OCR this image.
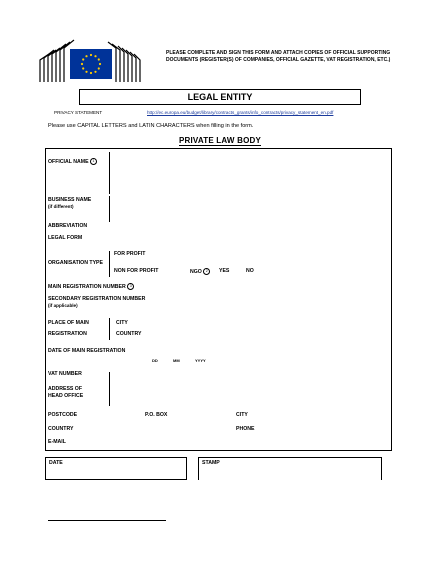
PLEASE COMPLETE AND SIGN THIS FORM AND ATTACH COPIES OF OFFICIAL SUPPORTING DOCUMENTS (REGISTER(S) OF COMPANIES, OFFICIAL GAZETTE, VAT REGISTRATION, ETC.)
LEGAL ENTITY
PRIVACY STATEMENT	http://ec.europa.eu/budget/library/contracts_grants/info_contracts/privacy_statement_en.pdf
Please use CAPITAL LETTERS and LATIN CHARACTERS when filling in the form.
PRIVATE LAW BODY
OFFICIAL NAME 1
BUSINESS NAME
(if different)
ABBREVIATION
LEGAL FORM
ORGANISATION TYPE
FOR PROFIT
NON FOR PROFIT	NGO 2	YES	NO
MAIN REGISTRATION NUMBER 3
SECONDARY REGISTRATION NUMBER
(if applicable)
PLACE OF MAIN
REGISTRATION
CITY
COUNTRY
DATE OF MAIN REGISTRATION
DD	MM	YYYY
VAT NUMBER
ADDRESS OF
HEAD OFFICE
POSTCODE	P.O. BOX	CITY
COUNTRY	PHONE
E-MAIL
DATE	STAMP
